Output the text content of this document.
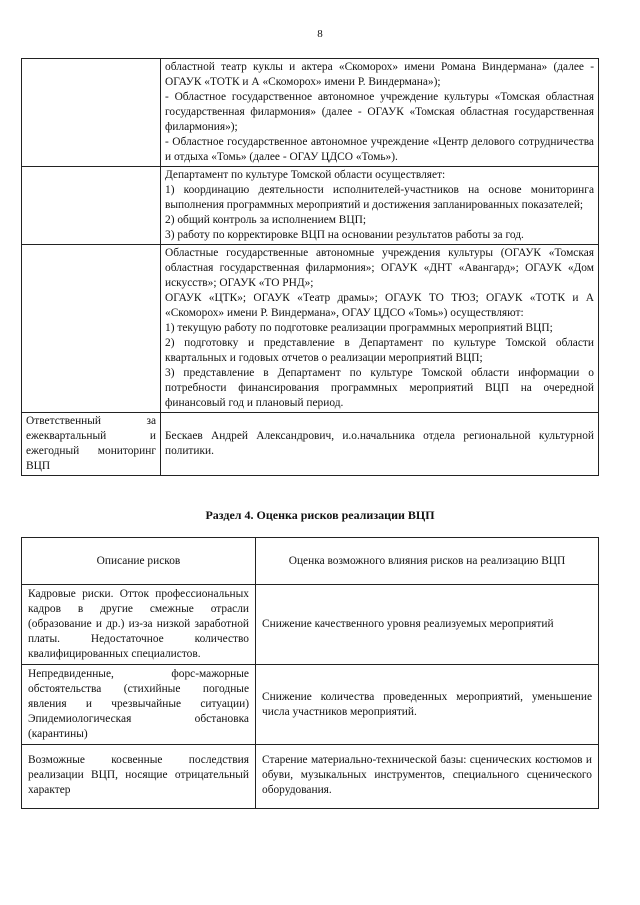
8

	областной театр куклы и актера «Скоморох» имени Романа Виндермана» (далее - ОГАУК «ТОТК и А «Скоморох» имени Р. Виндермана»);

- Областное государственное автономное учреждение культуры «Томская областная государственная филармония» (далее - ОГАУК «Томская областная государственная филармония»);

- Областное государственное автономное учреждение «Центр делового сотрудничества и отдыха «Томь» (далее - ОГАУ ЦДСО «Томь»).

	Департамент по культуре Томской области осуществляет:

1) координацию деятельности исполнителей-участников на основе мониторинга выполнения программных мероприятий и достижения запланированных показателей;

2) общий контроль за исполнением ВЦП;

3) работу по корректировке ВЦП на основании результатов работы за год.

	Областные государственные автономные учреждения культуры (ОГАУК «Томская областная государственная филармония»; ОГАУК «ДНТ «Авангард»; ОГАУК «Дом искусств»; ОГАУК «ТО РНД»;

ОГАУК «ЦТК»; ОГАУК «Театр драмы»; ОГАУК ТО ТЮЗ; ОГАУК «ТОТК и А «Скоморох» имени Р. Виндермана», ОГАУ ЦДСО «Томь») осуществляют:

1) текущую работу по подготовке реализации программных мероприятий ВЦП;

2) подготовку и представление в Департамент по культуре Томской области квартальных и годовых отчетов о реализации мероприятий ВЦП;

3) представление в Департамент по культуре Томской области информации о потребности финансирования программных мероприятий ВЦП на очередной финансовый год и плановый период.

Ответственный за ежеквартальный и ежегодный мониторинг ВЦП	Бескаев Андрей Александрович, и.о.начальника отдела региональной культурной политики.
Раздел 4. Оценка рисков реализации ВЦП
Описание рисков	Оценка возможного влияния рисков на реализацию ВЦП
Кадровые риски. Отток профессиональных кадров в другие смежные отрасли (образование и др.) из-за низкой заработной платы. Недостаточное количество квалифицированных специалистов.	Снижение качественного уровня реализуемых мероприятий
Непредвиденные, форс-мажорные обстоятельства (стихийные погодные явления и чрезвычайные ситуации) Эпидемиологическая обстановка (карантины)	Снижение количества проведенных мероприятий, уменьшение числа участников мероприятий.
Возможные косвенные последствия реализации ВЦП, носящие отрицательный характер	Старение материально-технической базы: сценических костюмов и обуви, музыкальных инструментов, специального сценического оборудования.
